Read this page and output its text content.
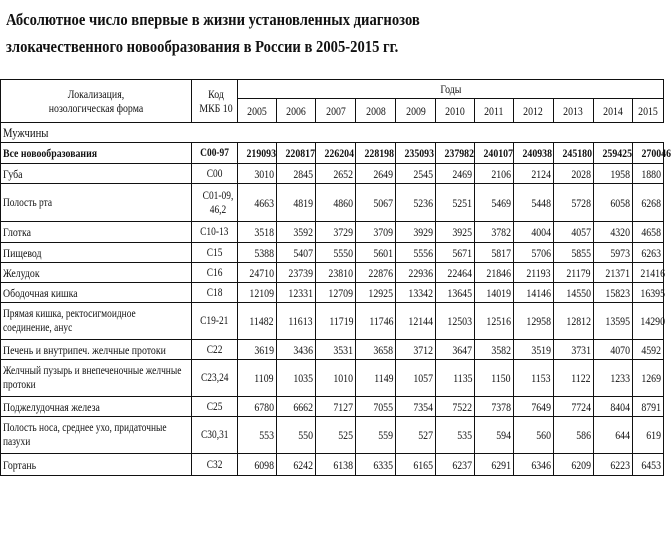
Абсолютное число впервые в жизни установленных диагнозов
злокачественного новообразования в России в 2005-2015 гг.
Локализация, нозологическая форма	Код МКБ 10	Годы										
		2005	2006	2007	2008	2009	2010	2011	2012	2013	2014	2015
Мужчины												
Все новообразования	С00-97	219093	220817	226204	228198	235093	237982	240107	240938	245180	259425	270046
Губа	С00	3010	2845	2652	2649	2545	2469	2106	2124	2028	1958	1880
Полость рта	С01-09, 46,2	4663	4819	4860	5067	5236	5251	5469	5448	5728	6058	6268
Глотка	С10-13	3518	3592	3729	3709	3929	3925	3782	4004	4057	4320	4658
Пищевод	С15	5388	5407	5550	5601	5556	5671	5817	5706	5855	5973	6263
Желудок	С16	24710	23739	23810	22876	22936	22464	21846	21193	21179	21371	21416
Ободочная кишка	С18	12109	12331	12709	12925	13342	13645	14019	14146	14550	15823	16395
Прямая кишка, ректосигмоидное соединение, анус	С19-21	11482	11613	11719	11746	12144	12503	12516	12958	12812	13595	14290
Печень и внутрипеч. желчные протоки	С22	3619	3436	3531	3658	3712	3647	3582	3519	3731	4070	4592
Желчный пузырь и внепеченочные желчные протоки	С23,24	1109	1035	1010	1149	1057	1135	1150	1153	1122	1233	1269
Поджелудочная железа	С25	6780	6662	7127	7055	7354	7522	7378	7649	7724	8404	8791
Полость носа, среднее ухо, придаточные пазухи	С30,31	553	550	525	559	527	535	594	560	586	644	619
Гортань	С32	6098	6242	6138	6335	6165	6237	6291	6346	6209	6223	6453
